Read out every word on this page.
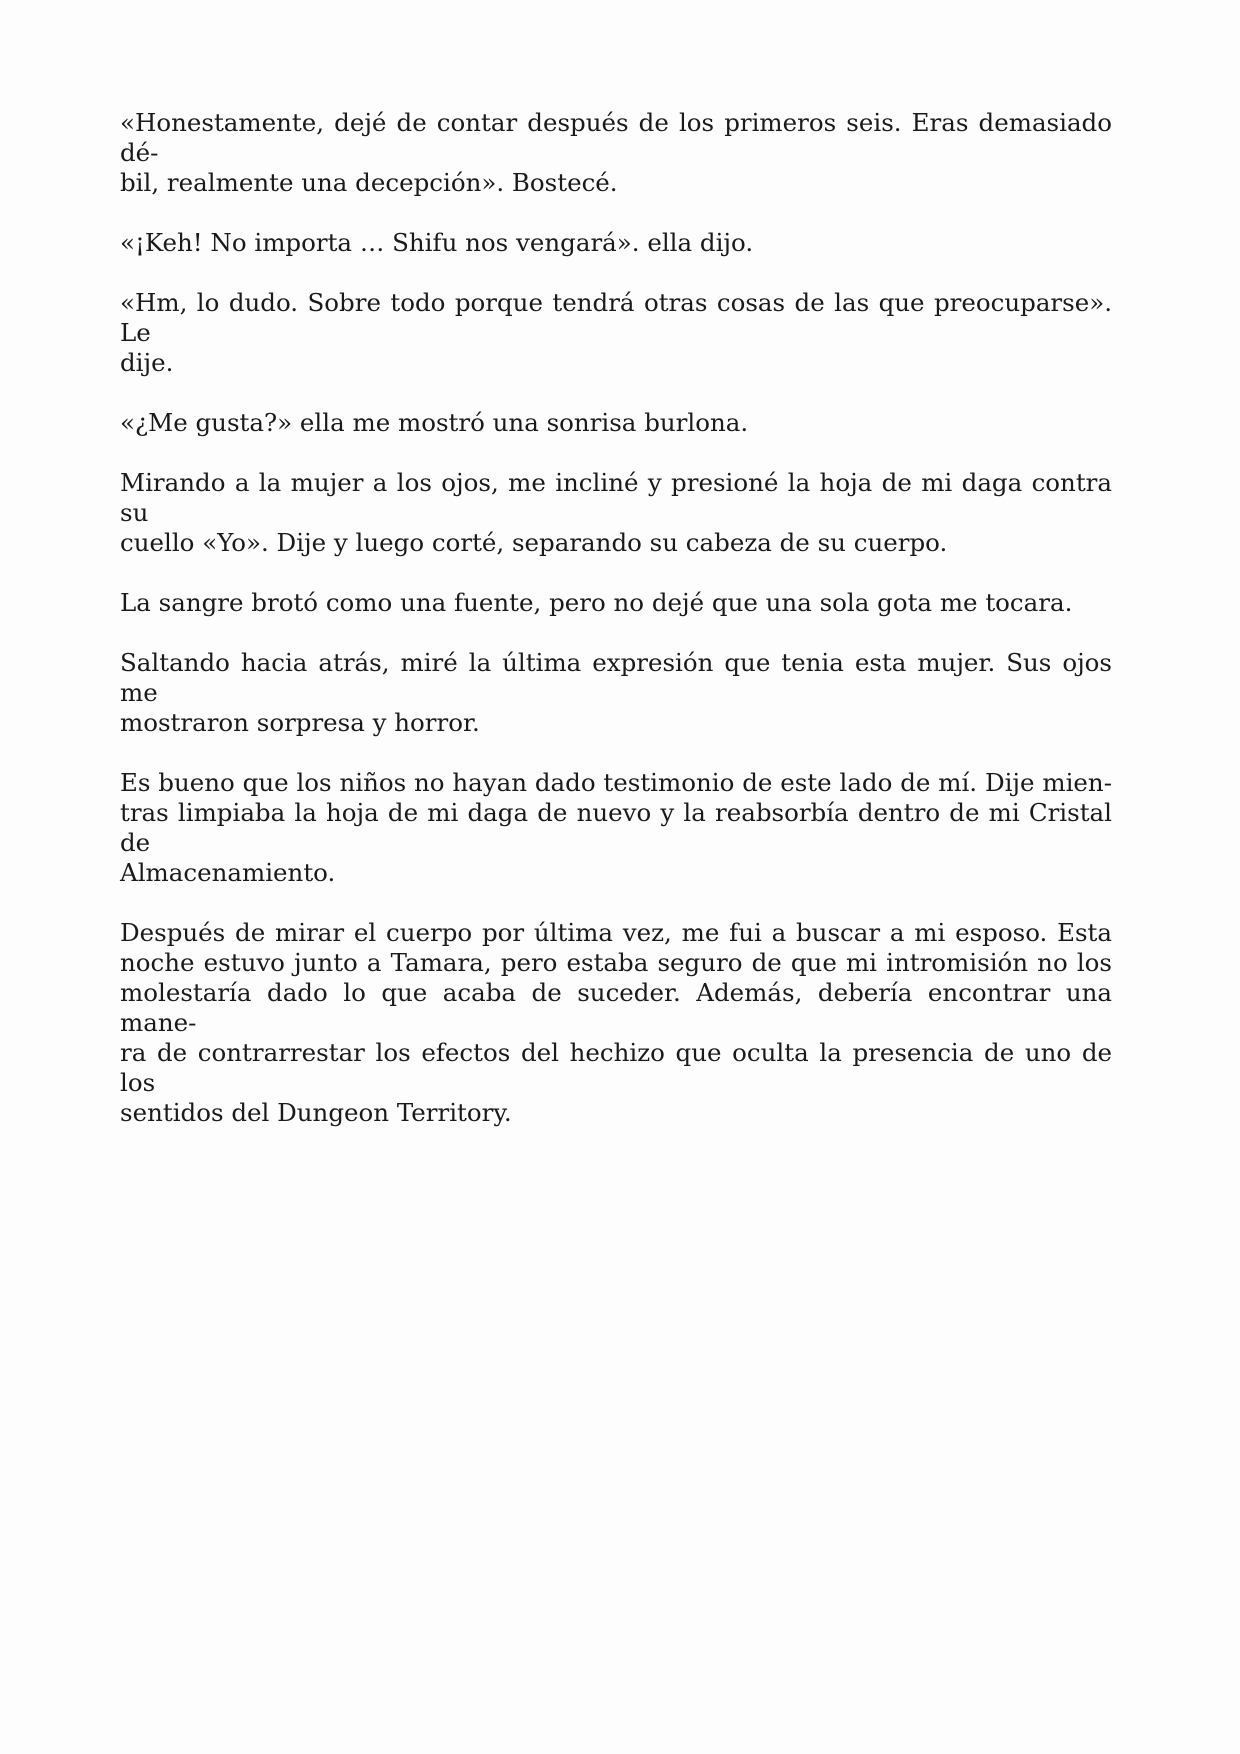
«Honestamente, dejé de contar después de los primeros seis. Eras demasiado dé-
bil, realmente una decepción». Bostecé.

«¡Keh! No importa … Shifu nos vengará». ella dijo.

«Hm, lo dudo. Sobre todo porque tendrá otras cosas de las que preocuparse». Le
dije.

«¿Me gusta?» ella me mostró una sonrisa burlona.

Mirando a la mujer a los ojos, me incliné y presioné la hoja de mi daga contra su
cuello «Yo». Dije y luego corté, separando su cabeza de su cuerpo.

La sangre brotó como una fuente, pero no dejé que una sola gota me tocara.

Saltando hacia atrás, miré la última expresión que tenia esta mujer. Sus ojos me
mostraron sorpresa y horror.

Es bueno que los niños no hayan dado testimonio de este lado de mí. Dije mien-
tras limpiaba la hoja de mi daga de nuevo y la reabsorbía dentro de mi Cristal de
Almacenamiento.

Después de mirar el cuerpo por última vez, me fui a buscar a mi esposo. Esta
noche estuvo junto a Tamara, pero estaba seguro de que mi intromisión no los
molestaría dado lo que acaba de suceder. Además, debería encontrar una mane-
ra de contrarrestar los efectos del hechizo que oculta la presencia de uno de los
sentidos del Dungeon Territory.
